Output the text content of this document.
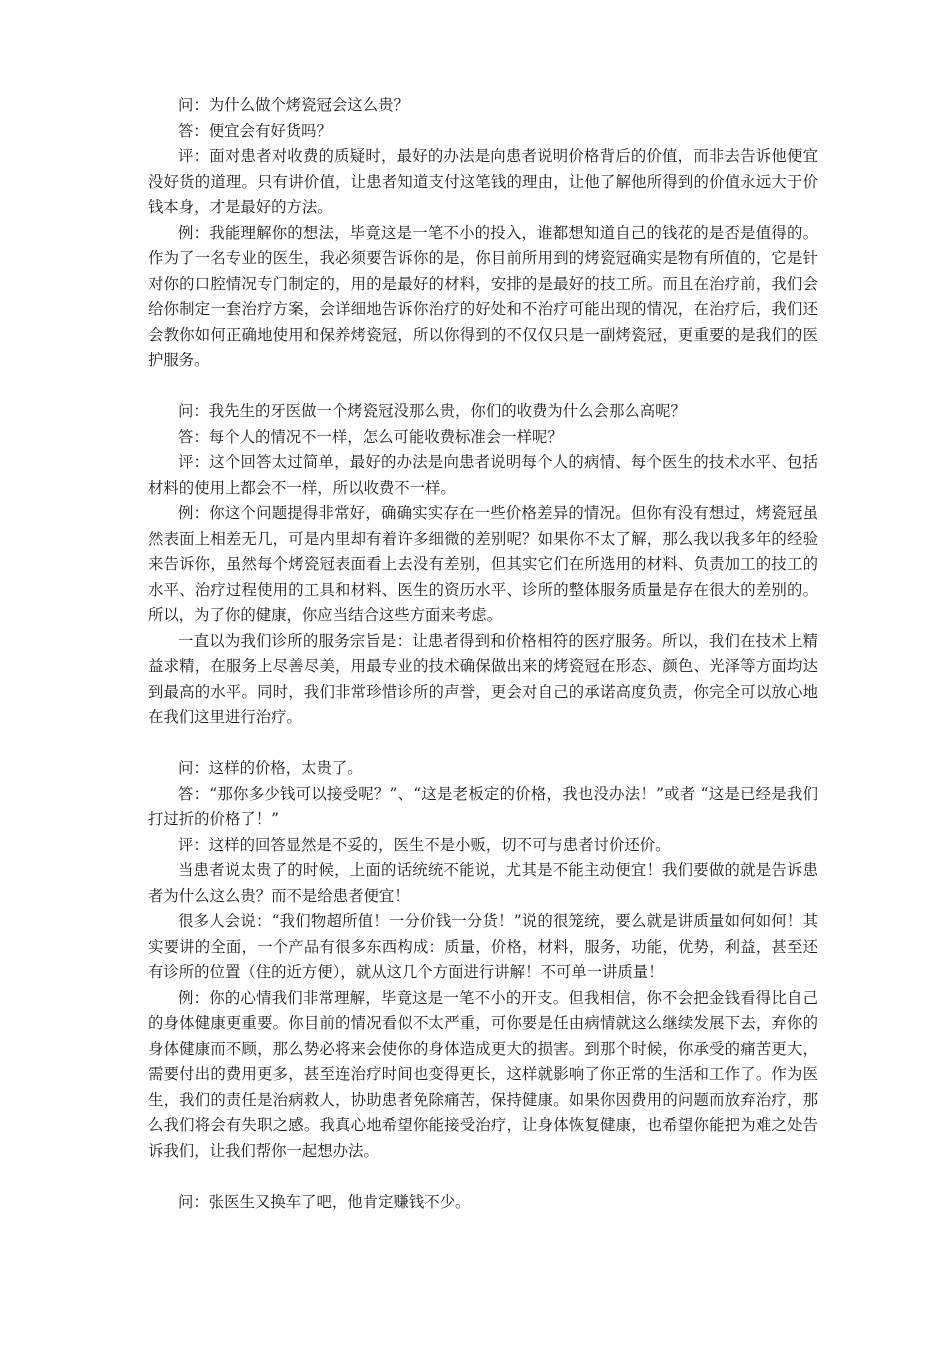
问：为什么做个烤瓷冠会这么贵？

答：便宜会有好货吗？

评：面对患者对收费的质疑时，最好的办法是向患者说明价格背后的价值，而非去告诉他便宜没好货的道理。只有讲价值，让患者知道支付这笔钱的理由，让他了解他所得到的价值永远大于价钱本身，才是最好的方法。

例：我能理解你的想法，毕竟这是一笔不小的投入，谁都想知道自己的钱花的是否是值得的。作为了一名专业的医生，我必须要告诉你的是，你目前所用到的烤瓷冠确实是物有所值的，它是针对你的口腔情况专门制定的，用的是最好的材料，安排的是最好的技工所。而且在治疗前，我们会给你制定一套治疗方案，会详细地告诉你治疗的好处和不治疗可能出现的情况，在治疗后，我们还会教你如何正确地使用和保养烤瓷冠，所以你得到的不仅仅只是一副烤瓷冠，更重要的是我们的医护服务。

问：我先生的牙医做一个烤瓷冠没那么贵，你们的收费为什么会那么高呢？

答：每个人的情况不一样，怎么可能收费标准会一样呢？

评：这个回答太过简单，最好的办法是向患者说明每个人的病情、每个医生的技术水平、包括材料的使用上都会不一样，所以收费不一样。

例：你这个问题提得非常好，确确实实存在一些价格差异的情况。但你有没有想过，烤瓷冠虽然表面上相差无几，可是内里却有着许多细微的差别呢？如果你不太了解，那么我以我多年的经验来告诉你，虽然每个烤瓷冠表面看上去没有差别，但其实它们在所选用的材料、负责加工的技工的水平、治疗过程使用的工具和材料、医生的资历水平、诊所的整体服务质量是存在很大的差别的。所以，为了你的健康，你应当结合这些方面来考虑。

一直以为我们诊所的服务宗旨是：让患者得到和价格相符的医疗服务。所以，我们在技术上精益求精，在服务上尽善尽美，用最专业的技术确保做出来的烤瓷冠在形态、颜色、光泽等方面均达到最高的水平。同时，我们非常珍惜诊所的声誉，更会对自己的承诺高度负责，你完全可以放心地在我们这里进行治疗。

问：这样的价格，太贵了。

答：“那你多少钱可以接受呢？”、“这是老板定的价格，我也没办法！”或者 “这是已经是我们打过折的价格了！”

评：这样的回答显然是不妥的，医生不是小贩，切不可与患者讨价还价。

当患者说太贵了的时候，上面的话统统不能说，尤其是不能主动便宜！我们要做的就是告诉患者为什么这么贵？而不是给患者便宜！

很多人会说：“我们物超所值！一分价钱一分货！”说的很笼统，要么就是讲质量如何如何！其实要讲的全面，一个产品有很多东西构成：质量，价格，材料，服务，功能，优势，利益，甚至还有诊所的位置（住的近方便），就从这几个方面进行讲解！不可单一讲质量！

例：你的心情我们非常理解，毕竟这是一笔不小的开支。但我相信，你不会把金钱看得比自己的身体健康更重要。你目前的情况看似不太严重，可你要是任由病情就这么继续发展下去，弃你的身体健康而不顾，那么势必将来会使你的身体造成更大的损害。到那个时候，你承受的痛苦更大，需要付出的费用更多，甚至连治疗时间也变得更长，这样就影响了你正常的生活和工作了。作为医生，我们的责任是治病救人，协助患者免除痛苦，保持健康。如果你因费用的问题而放弃治疗，那么我们将会有失职之感。我真心地希望你能接受治疗，让身体恢复健康，也希望你能把为难之处告诉我们，让我们帮你一起想办法。

问：张医生又换车了吧，他肯定赚钱不少。
